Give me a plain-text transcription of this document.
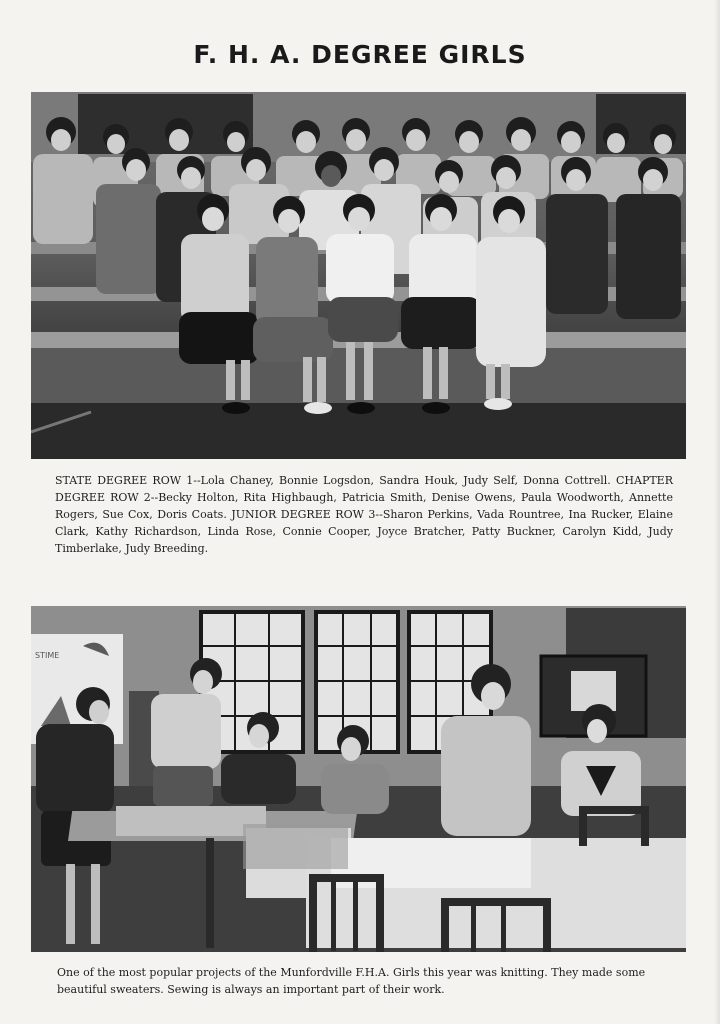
F. H. A. DEGREE GIRLS
STATE DEGREE ROW 1--Lola Chaney, Bonnie Logsdon, Sandra Houk, Judy Self, Donna Cottrell. CHAPTER DEGREE ROW 2--Becky Holton, Rita Highbaugh, Patricia Smith, Denise Owens, Paula Woodworth, Annette Rogers, Sue Cox, Doris Coats. JUNIOR DEGREE ROW 3--Sharon Perkins, Vada Rountree, Ina Rucker, Elaine Clark, Kathy Richardson, Linda Rose, Connie Cooper, Joyce Bratcher, Patty Buckner, Carolyn Kidd, Judy Timberlake, Judy Breeding.
STIME
One of the most popular projects of the Munfordville F.H.A. Girls this year was knitting. They made some beautiful sweaters. Sewing is always an important part of their work.
